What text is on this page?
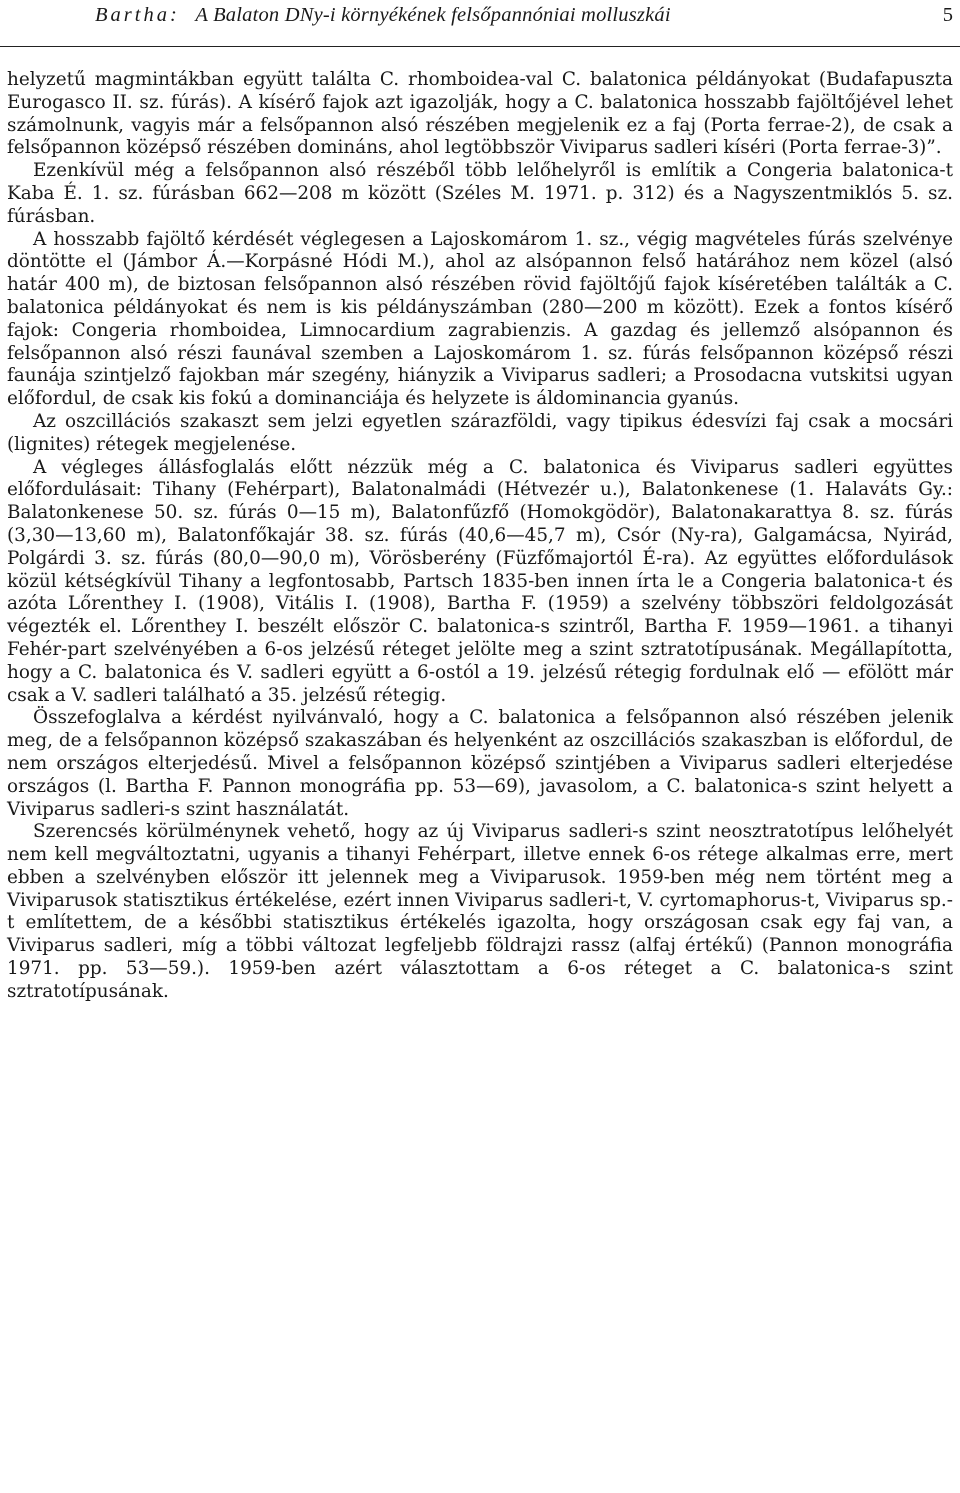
Bartha: A Balaton DNy-i környékének felsőpannóniai molluszkái	5

helyzetű magmintákban együtt találta C. rhomboidea-val C. balatonica példányokat (Budafapuszta Eurogasco II. sz. fúrás). A kísérő fajok azt igazolják, hogy a C. balatonica hosszabb fajöltőjével lehet számolnunk, vagyis már a felsőpannon alsó részében megjelenik ez a faj (Porta ferrae-2), de csak a felsőpannon középső részében domináns, ahol legtöbbször Viviparus sadleri kíséri (Porta ferrae-3)”.

Ezenkívül még a felsőpannon alsó részéből több lelőhelyről is említik a Congeria balatonica-t Kaba É. 1. sz. fúrásban 662—208 m között (Széles M. 1971. p. 312) és a Nagyszentmiklós 5. sz. fúrásban.

A hosszabb fajöltő kérdését véglegesen a Lajoskomárom 1. sz., végig magvételes fúrás szelvénye döntötte el (Jámbor Á.—Korpásné Hódi M.), ahol az alsópannon felső határához nem közel (alsó határ 400 m), de biztosan felsőpannon alsó részében rövid fajöltőjű fajok kíséretében találták a C. balatonica példányokat és nem is kis példányszámban (280—200 m között). Ezek a fontos kísérő fajok: Congeria rhomboidea, Limnocardium zagrabienzis. A gazdag és jellemző alsópannon és felsőpannon alsó részi faunával szemben a Lajoskomárom 1. sz. fúrás felsőpannon középső részi faunája szintjelző fajokban már szegény, hiányzik a Viviparus sadleri; a Prosodacna vutskitsi ugyan előfordul, de csak kis fokú a dominanciája és helyzete is áldominancia gyanús.

Az oszcillációs szakaszt sem jelzi egyetlen szárazföldi, vagy tipikus édesvízi faj csak a mocsári (lignites) rétegek megjelenése.

A végleges állásfoglalás előtt nézzük még a C. balatonica és Viviparus sadleri együttes előfordulásait: Tihany (Fehérpart), Balatonalmádi (Hétvezér u.), Balatonkenese (1. Halaváts Gy.: Balatonkenese 50. sz. fúrás 0—15 m), Balatonfűzfő (Homokgödör), Balatonakarattya 8. sz. fúrás (3,30—13,60 m), Balatonfőkajár 38. sz. fúrás (40,6—45,7 m), Csór (Ny-ra), Galgamácsa, Nyirád, Polgárdi 3. sz. fúrás (80,0—90,0 m), Vörösberény (Füzfőmajortól É-ra). Az együttes előfordulások közül kétségkívül Tihany a legfontosabb, Partsch 1835-ben innen írta le a Congeria balatonica-t és azóta Lőrenthey I. (1908), Vitális I. (1908), Bartha F. (1959) a szelvény többszöri feldolgozását végezték el. Lőrenthey I. beszélt először C. balatonica-s szintről, Bartha F. 1959—1961. a tihanyi Fehér-part szelvényében a 6-os jelzésű réteget jelölte meg a szint sztratotípusának. Megállapította, hogy a C. balatonica és V. sadleri együtt a 6-ostól a 19. jelzésű rétegig fordulnak elő — efölött már csak a V. sadleri található a 35. jelzésű rétegig.

Összefoglalva a kérdést nyilvánvaló, hogy a C. balatonica a felsőpannon alsó részében jelenik meg, de a felsőpannon középső szakaszában és helyenként az oszcillációs szakaszban is előfordul, de nem országos elterjedésű. Mivel a felsőpannon középső szintjében a Viviparus sadleri elterjedése országos (l. Bartha F. Pannon monográfia pp. 53—69), javasolom, a C. balatonica-s szint helyett a Viviparus sadleri-s szint használatát.

Szerencsés körülménynek vehető, hogy az új Viviparus sadleri-s szint neosztratotípus lelőhelyét nem kell megváltoztatni, ugyanis a tihanyi Fehérpart, illetve ennek 6-os rétege alkalmas erre, mert ebben a szelvényben először itt jelennek meg a Viviparusok. 1959-ben még nem történt meg a Viviparusok statisztikus értékelése, ezért innen Viviparus sadleri-t, V. cyrtomaphorus-t, Viviparus sp.-t említettem, de a későbbi statisztikus értékelés igazolta, hogy országosan csak egy faj van, a Viviparus sadleri, míg a többi változat legfeljebb földrajzi rassz (alfaj értékű) (Pannon monográfia 1971. pp. 53—59.). 1959-ben azért választottam a 6-os réteget a C. balatonica-s szint sztratotípusának.
